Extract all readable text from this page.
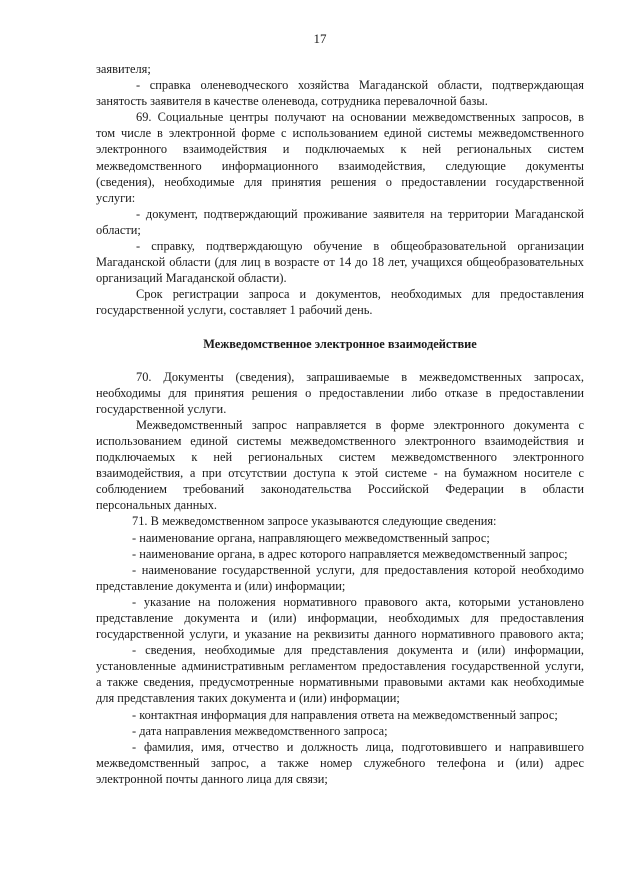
17
заявителя;
- справка оленеводческого хозяйства Магаданской области, подтверждающая
занятость заявителя в качестве оленевода, сотрудника перевалочной базы.
69. Социальные центры получают на основании межведомственных запросов, в
том числе в электронной форме с использованием единой системы межведомственного
электронного взаимодействия и подключаемых к ней региональных систем
межведомственного информационного взаимодействия, следующие документы
(сведения), необходимые для принятия решения о предоставлении государственной
услуги:
- документ, подтверждающий проживание заявителя на территории Магаданской
области;
- справку, подтверждающую обучение в общеобразовательной организации
Магаданской области (для лиц в возрасте от 14 до 18 лет, учащихся общеобразовательных
организаций Магаданской области).
Срок регистрации запроса и документов, необходимых для предоставления
государственной услуги, составляет 1 рабочий день.
Межведомственное электронное взаимодействие
70. Документы (сведения), запрашиваемые в межведомственных запросах,
необходимы для принятия решения о предоставлении либо отказе в предоставлении
государственной услуги.
Межведомственный запрос направляется в форме электронного документа с
использованием единой системы межведомственного электронного взаимодействия и
подключаемых к ней региональных систем межведомственного электронного
взаимодействия, а при отсутствии доступа к этой системе - на бумажном носителе с
соблюдением требований законодательства Российской Федерации в области
персональных данных.
71. В межведомственном запросе указываются следующие сведения:
- наименование органа, направляющего межведомственный запрос;
- наименование органа, в адрес которого направляется межведомственный запрос;
- наименование государственной услуги, для предоставления которой необходимо
представление документа и (или) информации;
- указание на положения нормативного правового акта, которыми установлено
представление документа и (или) информации, необходимых для предоставления
государственной услуги, и указание на реквизиты данного нормативного правового акта;
- сведения, необходимые для представления документа и (или) информации,
установленные административным регламентом предоставления государственной услуги,
а также сведения, предусмотренные нормативными правовыми актами как необходимые
для представления таких документа и (или) информации;
- контактная информация для направления ответа на межведомственный запрос;
- дата направления межведомственного запроса;
- фамилия, имя, отчество и должность лица, подготовившего и направившего
межведомственный запрос, а также номер служебного телефона и (или) адрес
электронной почты данного лица для связи;
